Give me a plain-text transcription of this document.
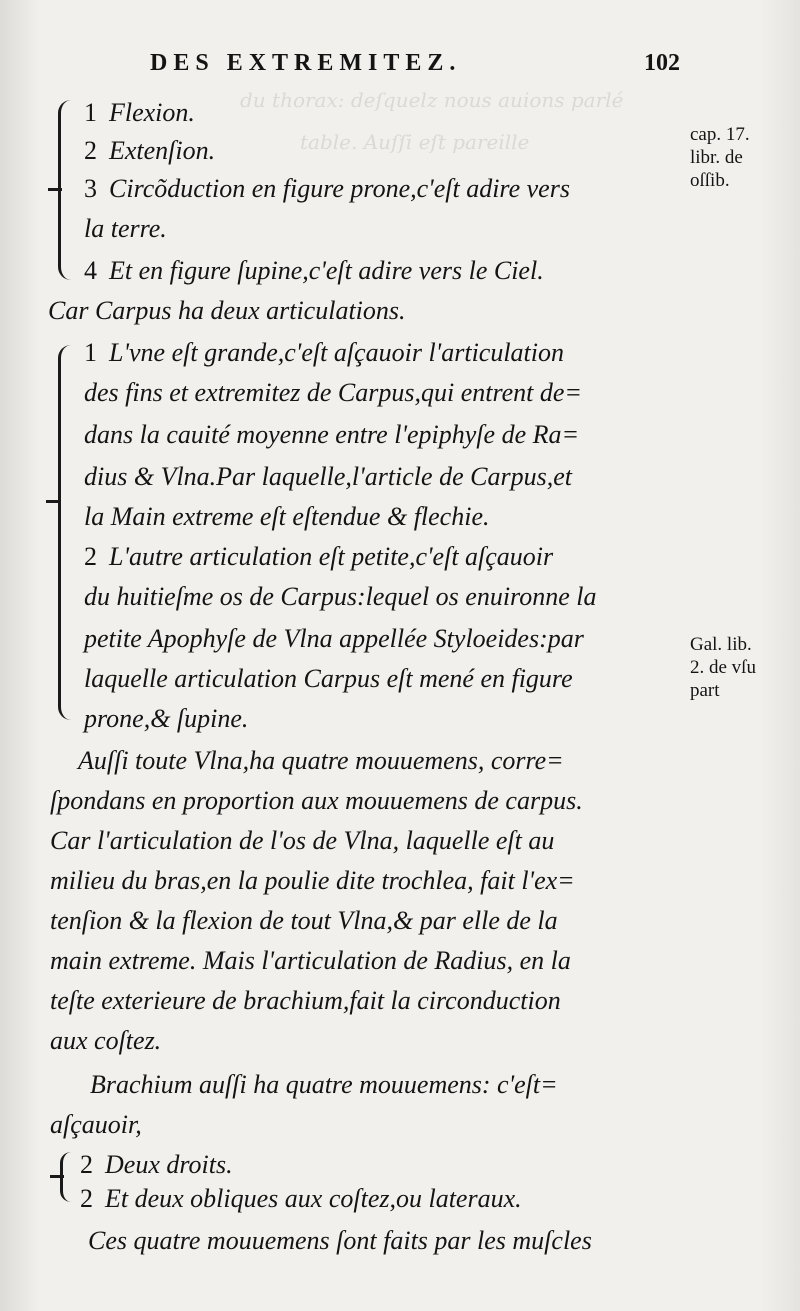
du thorax: deſquelz nous auions parlé
table. Auſſi eſt pareille
DES EXTREMITEZ.	102
1 Flexion.
2 Extenſion.
3 Circõduction en figure prone,c'eſt adire vers
la terre.
4 Et en figure ſupine,c'eſt adire vers le Ciel.
cap. 17.
libr. de
oſſib.
Car Carpus ha deux articulations.
1 L'vne eſt grande,c'eſt aſçauoir l'articulation
des fins et extremitez de Carpus,qui entrent de=
dans la cauité moyenne entre l'epiphyſe de Ra=
dius & Vlna.Par laquelle,l'article de Carpus,et
la Main extreme eſt eſtendue & flechie.
2 L'autre articulation eſt petite,c'eſt aſçauoir
du huitieſme os de Carpus:lequel os enuironne la
petite Apophyſe de Vlna appellée Styloeides:par
laquelle articulation Carpus eſt mené en figure
prone,& ſupine.
Gal. lib.
2. de vſu
part
Auſſi toute Vlna,ha quatre mouuemens, corre=
ſpondans en proportion aux mouuemens de carpus.
Car l'articulation de l'os de Vlna, laquelle eſt au
milieu du bras,en la poulie dite trochlea, fait l'ex=
tenſion & la flexion de tout Vlna,& par elle de la
main extreme. Mais l'articulation de Radius, en la
teſte exterieure de brachium,fait la circonduction
aux coſtez.
Brachium auſſi ha quatre mouuemens: c'eſt=
aſçauoir,
2 Deux droits.
2 Et deux obliques aux coſtez,ou lateraux.
Ces quatre mouuemens ſont faits par les muſcles
